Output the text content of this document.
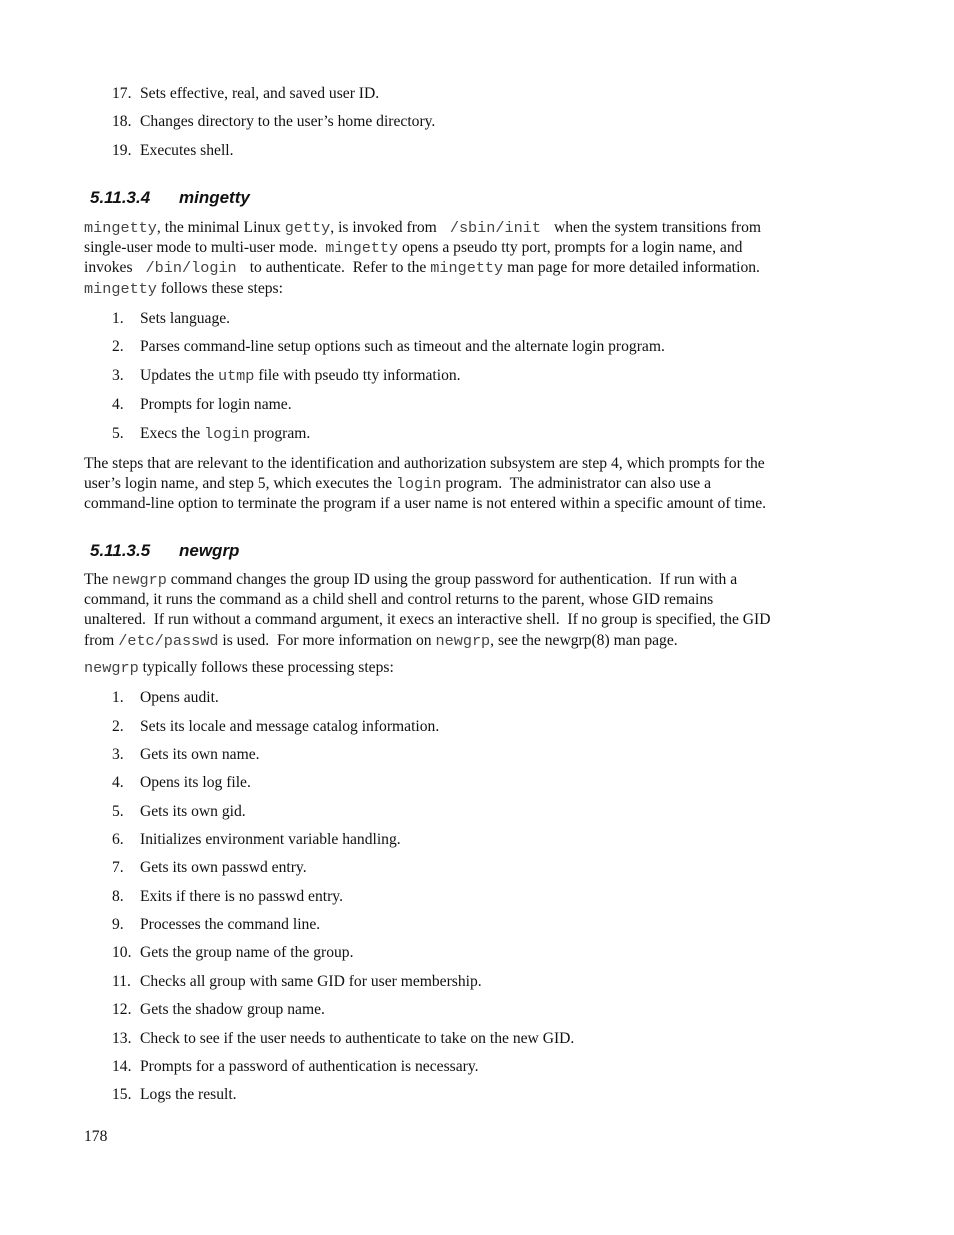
17. Sets effective, real, and saved user ID.
18. Changes directory to the user’s home directory.
19. Executes shell.
5.11.3.4 mingetty
mingetty, the minimal Linux getty, is invoked from  /sbin/init  when the system transitions from
single-user mode to multi-user mode.  mingetty opens a pseudo tty port, prompts for a login name, and
invokes  /bin/login  to authenticate.  Refer to the mingetty man page for more detailed information.
mingetty follows these steps:
1. Sets language.
2. Parses command-line setup options such as timeout and the alternate login program.
3. Updates the utmp file with pseudo tty information.
4. Prompts for login name.
5. Execs the login program.
The steps that are relevant to the identification and authorization subsystem are step 4, which prompts for the
user’s login name, and step 5, which executes the login program.  The administrator can also use a
command-line option to terminate the program if a user name is not entered within a specific amount of time.
5.11.3.5 newgrp
The newgrp command changes the group ID using the group password for authentication.  If run with a
command, it runs the command as a child shell and control returns to the parent, whose GID remains
unaltered.  If run without a command argument, it execs an interactive shell.  If no group is specified, the GID
from /etc/passwd is used.  For more information on newgrp, see the newgrp(8) man page.
newgrp typically follows these processing steps:
1. Opens audit.
2. Sets its locale and message catalog information.
3. Gets its own name.
4. Opens its log file.
5. Gets its own gid.
6. Initializes environment variable handling.
7. Gets its own passwd entry.
8. Exits if there is no passwd entry.
9. Processes the command line.
10. Gets the group name of the group.
11. Checks all group with same GID for user membership.
12. Gets the shadow group name.
13. Check to see if the user needs to authenticate to take on the new GID.
14. Prompts for a password of authentication is necessary.
15. Logs the result.
178
